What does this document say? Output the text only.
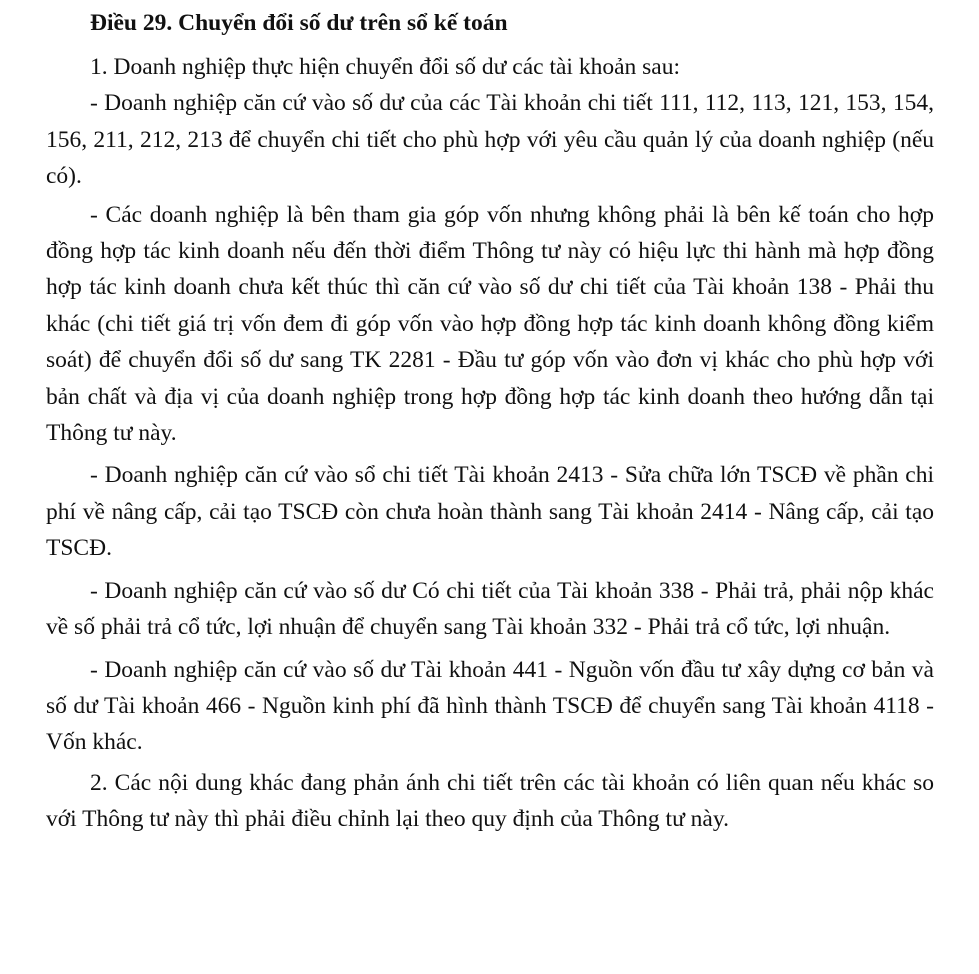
Điều 29. Chuyển đổi số dư trên sổ kế toán

1. Doanh nghiệp thực hiện chuyển đổi số dư các tài khoản sau:

- Doanh nghiệp căn cứ vào số dư của các Tài khoản chi tiết 111, 112, 113, 121, 153, 154, 156, 211, 212, 213 để chuyển chi tiết cho phù hợp với yêu cầu quản lý của doanh nghiệp (nếu có).

- Các doanh nghiệp là bên tham gia góp vốn nhưng không phải là bên kế toán cho hợp đồng hợp tác kinh doanh nếu đến thời điểm Thông tư này có hiệu lực thi hành mà hợp đồng hợp tác kinh doanh chưa kết thúc thì căn cứ vào số dư chi tiết của Tài khoản 138 - Phải thu khác (chi tiết giá trị vốn đem đi góp vốn vào hợp đồng hợp tác kinh doanh không đồng kiểm soát) để chuyển đổi số dư sang TK 2281 - Đầu tư góp vốn vào đơn vị khác cho phù hợp với bản chất và địa vị của doanh nghiệp trong hợp đồng hợp tác kinh doanh theo hướng dẫn tại Thông tư này.

- Doanh nghiệp căn cứ vào sổ chi tiết Tài khoản 2413 - Sửa chữa lớn TSCĐ về phần chi phí về nâng cấp, cải tạo TSCĐ còn chưa hoàn thành sang Tài khoản 2414 - Nâng cấp, cải tạo TSCĐ.

- Doanh nghiệp căn cứ vào số dư Có chi tiết của Tài khoản 338 - Phải trả, phải nộp khác về số phải trả cổ tức, lợi nhuận để chuyển sang Tài khoản 332 - Phải trả cổ tức, lợi nhuận.

- Doanh nghiệp căn cứ vào số dư Tài khoản 441 - Nguồn vốn đầu tư xây dựng cơ bản và số dư Tài khoản 466 - Nguồn kinh phí đã hình thành TSCĐ để chuyển sang Tài khoản 4118 - Vốn khác.

2. Các nội dung khác đang phản ánh chi tiết trên các tài khoản có liên quan nếu khác so với Thông tư này thì phải điều chỉnh lại theo quy định của Thông tư này.
